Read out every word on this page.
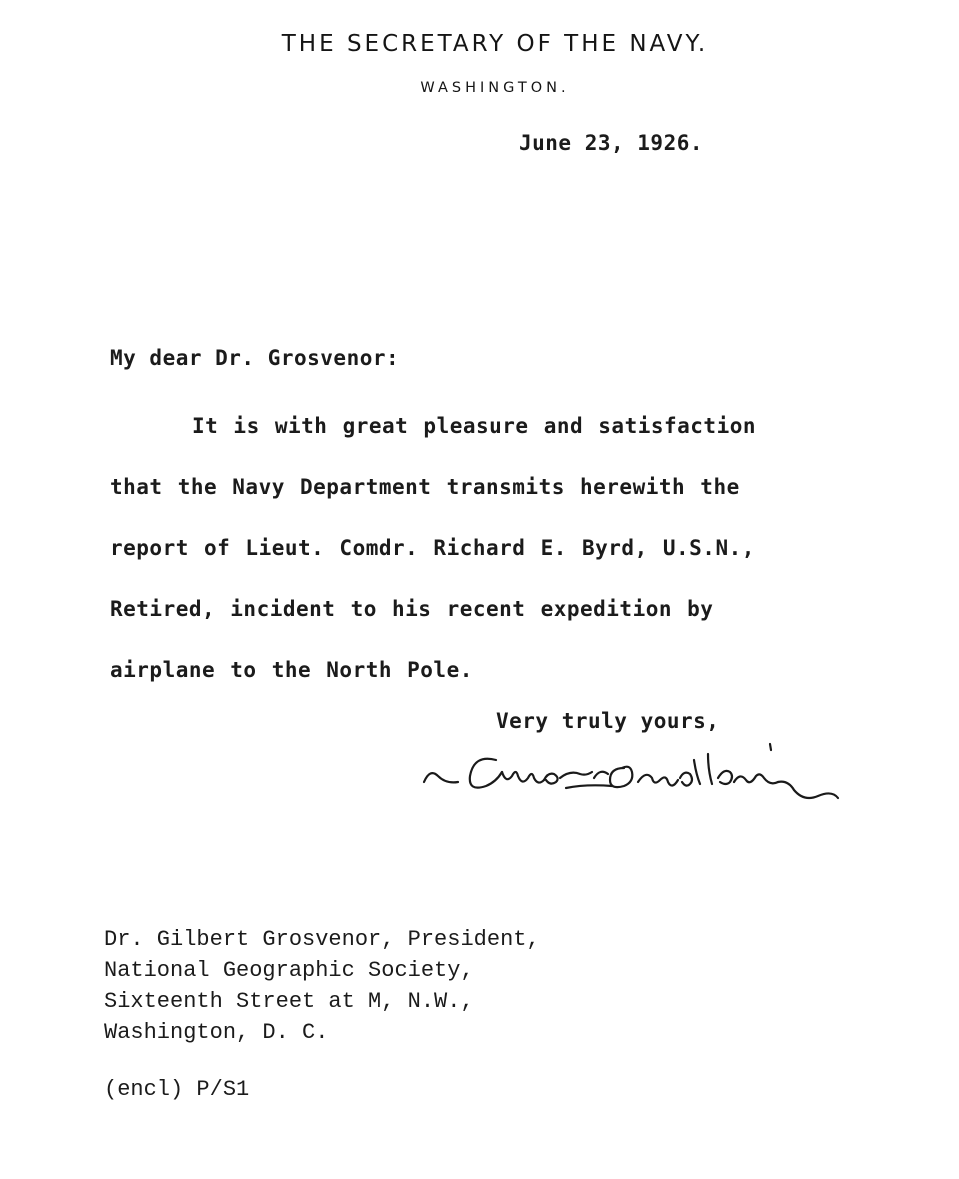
THE SECRETARY OF THE NAVY.
WASHINGTON.
June 23, 1926.
My dear Dr. Grosvenor:
It is with great pleasure and satisfaction
that the Navy Department transmits herewith the
report of Lieut. Comdr. Richard E. Byrd, U.S.N.,
Retired, incident to his recent expedition by
airplane to the North Pole.
Very truly yours,
Dr. Gilbert Grosvenor, President,
National Geographic Society,
Sixteenth Street at M, N.W.,
Washington, D. C.
(encl) P/S1
